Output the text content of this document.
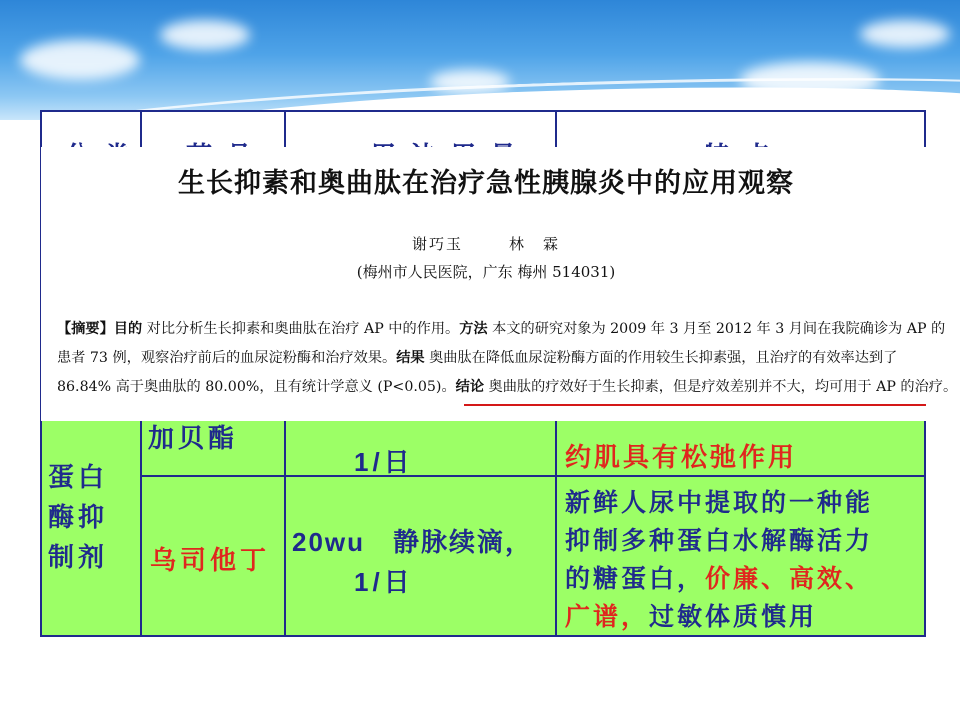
加贝酯
1/日	约肌具有松弛作用
蛋白
酶抑
制剂 乌司他丁
20wu　静脉续滴，
1/日
新鲜人尿中提取的一种能
抑制多种蛋白水解酶活力
的糖蛋白，价廉、高效、
广谱，过敏体质慎用
生长抑素和奥曲肽在治疗急性胰腺炎中的应用观察
谢巧玉	林　霖
(梅州市人民医院，广东 梅州 514031)
【摘要】目的 对比分析生长抑素和奥曲肽在治疗 AP 中的作用。方法 本文的研究对象为 2009 年 3 月至 2012 年 3 月间在我院确诊为 AP 的
患者 73 例，观察治疗前后的血尿淀粉酶和治疗效果。结果 奥曲肽在降低血尿淀粉酶方面的作用较生长抑素强，且治疗的有效率达到了
86.84% 高于奥曲肽的 80.00%，且有统计学意义 (P<0.05)。结论 奥曲肽的疗效好于生长抑素，但是疗效差别并不大，均可用于 AP 的治疗。
